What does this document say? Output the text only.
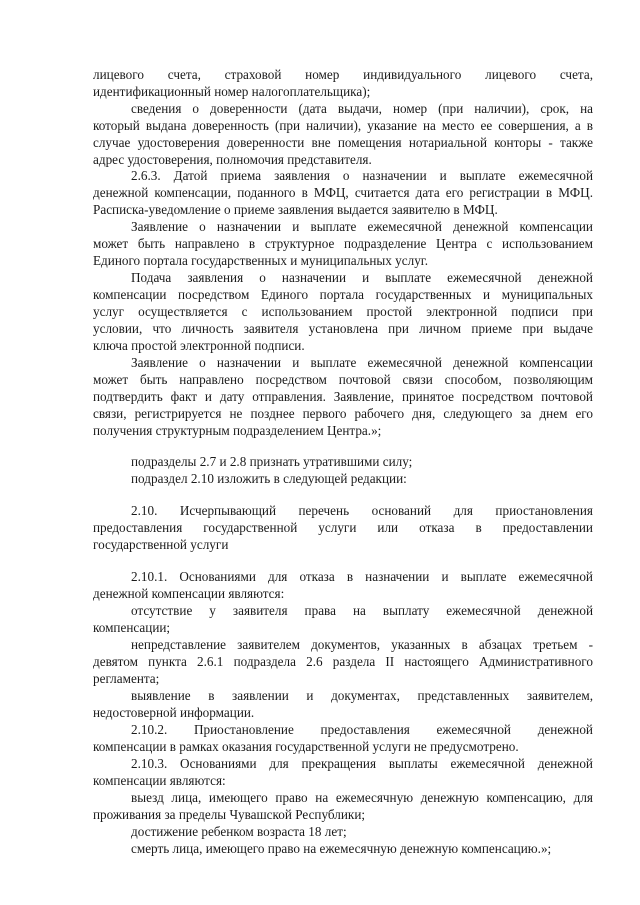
лицевого счета, страховой номер индивидуального лицевого счета,
идентификационный номер налогоплательщика);
сведения о доверенности (дата выдачи, номер (при наличии), срок, на
который выдана доверенность (при наличии), указание на место ее совершения, а в
случае удостоверения доверенности вне помещения нотариальной конторы - также
адрес удостоверения, полномочия представителя.
2.6.3. Датой приема заявления о назначении и выплате ежемесячной
денежной компенсации, поданного в МФЦ, считается дата его регистрации в МФЦ.
Расписка-уведомление о приеме заявления выдается заявителю в МФЦ.
Заявление о назначении и выплате ежемесячной денежной компенсации
может быть направлено в структурное подразделение Центра с использованием
Единого портала государственных и муниципальных услуг.
Подача заявления о назначении и выплате ежемесячной денежной
компенсации посредством Единого портала государственных и муниципальных
услуг осуществляется с использованием простой электронной подписи при
условии, что личность заявителя установлена при личном приеме при выдаче
ключа простой электронной подписи.
Заявление о назначении и выплате ежемесячной денежной компенсации
может быть направлено посредством почтовой связи способом, позволяющим
подтвердить факт и дату отправления. Заявление, принятое посредством почтовой
связи, регистрируется не позднее первого рабочего дня, следующего за днем его
получения структурным подразделением Центра.»;
подразделы 2.7 и 2.8 признать утратившими силу;
подраздел 2.10 изложить в следующей редакции:
2.10. Исчерпывающий перечень оснований для приостановления
предоставления государственной услуги или отказа в предоставлении
государственной услуги
2.10.1. Основаниями для отказа в назначении и выплате ежемесячной
денежной компенсации являются:
отсутствие у заявителя права на выплату ежемесячной денежной
компенсации;
непредставление заявителем документов, указанных в абзацах третьем -
девятом пункта 2.6.1 подраздела 2.6 раздела II настоящего Административного
регламента;
выявление в заявлении и документах, представленных заявителем,
недостоверной информации.
2.10.2. Приостановление предоставления ежемесячной денежной
компенсации в рамках оказания государственной услуги не предусмотрено.
2.10.3. Основаниями для прекращения выплаты ежемесячной денежной
компенсации являются:
выезд лица, имеющего право на ежемесячную денежную компенсацию, для
проживания за пределы Чувашской Республики;
достижение ребенком возраста 18 лет;
смерть лица, имеющего право на ежемесячную денежную компенсацию.»;
